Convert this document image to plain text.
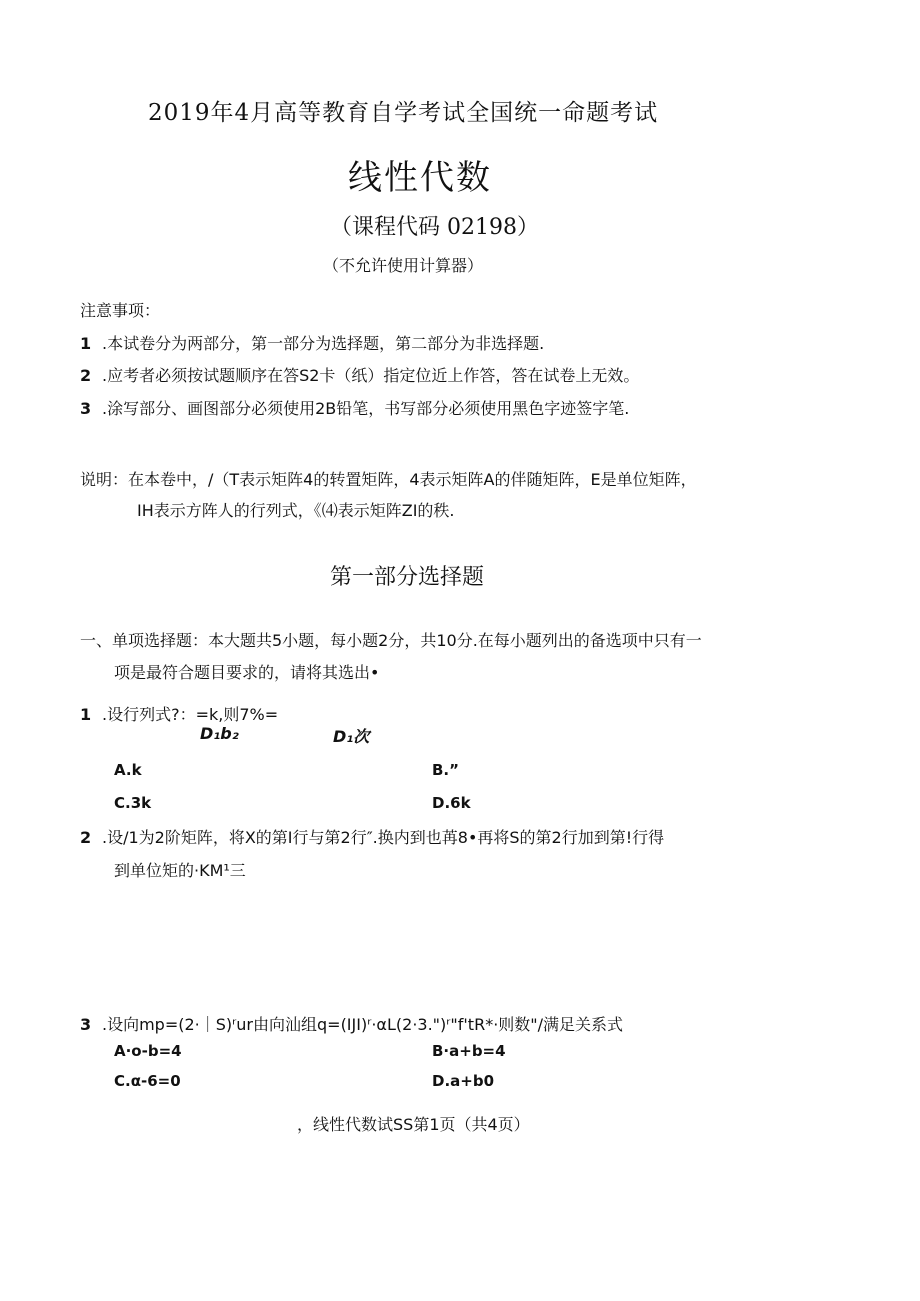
2019年4月高等教育自学考试全国统一命题考试
线性代数
（课程代码 02198）
（不允许使用计算器）
注意事项：
1 .本试卷分为两部分，第一部分为选择题，第二部分为非选择题.
2 .应考者必须按试题顺序在答S2卡（纸）指定位近上作答，答在试卷上无效。
3 .涂写部分、画图部分必须使用2B铅笔，书写部分必须使用黑色字迹签字笔.
说明：在本卷中，/（T表示矩阵4的转置矩阵，4表示矩阵A的伴随矩阵，E是单位矩阵，
IH表示方阵人的行列式，《⑷表示矩阵ZI的秩.
第一部分选择题
一、单项选择题：本大题共5小题，每小题2分，共10分.在每小题列出的备选项中只有一
项是最符合题目要求的，请将其选出•
1 .设行列式?：=k,则7%=
D₁b₂	D₁次
A.k	B.”
C.3k	D.6k
2 .设/1为2阶矩阵，将X的第I行与第2行″.换内到也苒8•再将S的第2行加到第!行得
到单位矩的·KM¹三
3 .设向mp=(2·｜S)ʳur由向汕组q=(IJI)ʳ·αL(2·3.")ʳ"f'tR*·则数"/满足关系式
A·o-b=4	B·a+b=4
C.α-6=0	D.a+b0
，线性代数试SS第1页（共4页）
